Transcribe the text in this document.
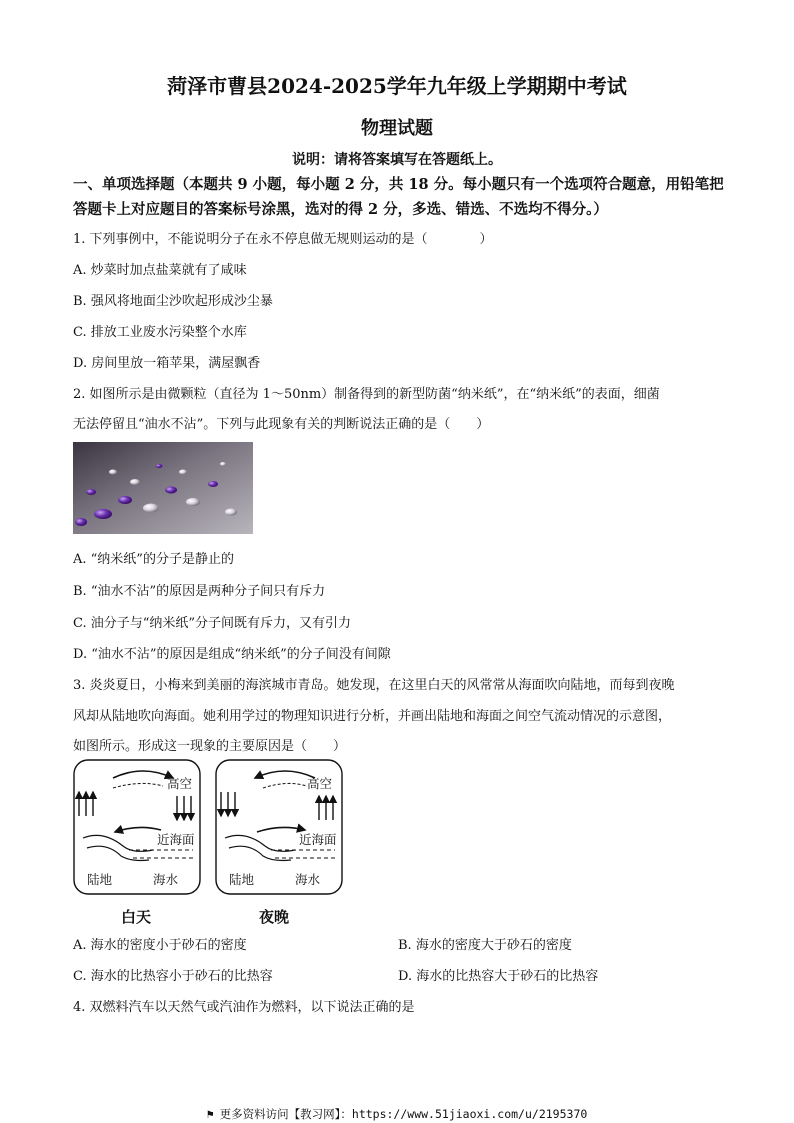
菏泽市曹县2024-2025学年九年级上学期期中考试
物理试题
说明：请将答案填写在答题纸上。
一、单项选择题（本题共 9 小题，每小题 2 分，共 18 分。每小题只有一个选项符合题意，用铅笔把答题卡上对应题目的答案标号涂黑，选对的得 2 分，多选、错选、不选均不得分。）
1. 下列事例中，不能说明分子在永不停息做无规则运动的是（　　　　）
A. 炒菜时加点盐菜就有了咸味
B. 强风将地面尘沙吹起形成沙尘暴
C. 排放工业废水污染整个水库
D. 房间里放一箱苹果，满屋飘香
2. 如图所示是由微颗粒（直径为 1～50nm）制备得到的新型防菌“纳米纸”，在“纳米纸”的表面，细菌
无法停留且“油水不沾”。下列与此现象有关的判断说法正确的是（　　）
A. “纳米纸”的分子是静止的
B. “油水不沾”的原因是两种分子间只有斥力
C. 油分子与“纳米纸”分子间既有斥力，又有引力
D. “油水不沾”的原因是组成“纳米纸”的分子间没有间隙
3. 炎炎夏日，小梅来到美丽的海滨城市青岛。她发现，在这里白天的风常常从海面吹向陆地，而每到夜晚
风却从陆地吹向海面。她利用学过的物理知识进行分析，并画出陆地和海面之间空气流动情况的示意图，
如图所示。形成这一现象的主要原因是（　　）
高空
近海面
陆地	海水
高空
近海面
陆地	海水
白天	夜晚
A. 海水的密度小于砂石的密度	B. 海水的密度大于砂石的密度
C. 海水的比热容小于砂石的比热容	D. 海水的比热容大于砂石的比热容
4. 双燃料汽车以天然气或汽油作为燃料，以下说法正确的是
⚑ 更多资料访问【教习网】：https://www.51jiaoxi.com/u/2195370
